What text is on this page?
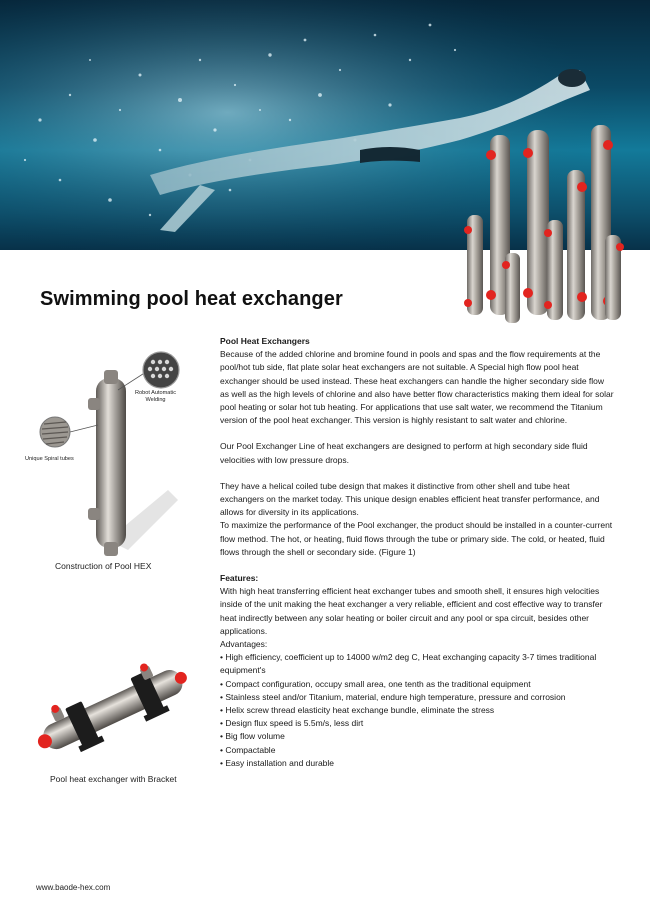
Swimming pool heat exchanger
Robot Automatic Welding
Unique Spiral tubes
Construction of Pool HEX
Pool heat exchanger with Bracket

Pool Heat Exchangers

Because of the added chlorine and bromine found in pools and spas and the flow requirements at the pool/hot tub side, flat plate solar heat exchangers are not suitable. A Special high flow pool heat exchanger should be used instead. These heat exchangers can handle the higher secondary side flow as well as the high levels of chlorine and also have better flow characteristics making them ideal for solar pool heating or solar hot tub heating. For applications that use salt water, we recommend the Titanium version of the pool heat exchanger. This version is highly resistant to salt water and chlorine.

Our Pool Exchanger Line of heat exchangers are designed to perform at high secondary side fluid velocities with low pressure drops.

They have a helical coiled tube design that makes it distinctive from other shell and tube heat exchangers on the market today. This unique design enables efficient heat transfer performance, and allows for diversity in its applications.

To maximize the performance of the Pool exchanger, the product should be installed in a counter-current flow method. The hot, or heating, fluid flows through the tube or primary side. The cold, or heated, fluid flows through the shell or secondary side. (Figure 1)

Features:

With high heat transferring efficient heat exchanger tubes and smooth shell, it ensures high velocities inside of the unit making the heat exchanger a very reliable, efficient and cost effective way to transfer heat indirectly between any solar heating or boiler circuit and any pool or spa circuit, besides other applications.

Advantages:

• High efficiency, coefficient up to 14000 w/m2 deg C, Heat exchanging capacity 3-7 times traditional equipment's

• Compact configuration, occupy small area, one tenth as the traditional equipment

• Stainless steel and/or Titanium, material, endure high temperature, pressure and corrosion

• Helix screw thread elasticity heat exchange bundle, eliminate the stress

• Design flux speed is 5.5m/s, less dirt

• Big flow volume

• Compactable

• Easy installation and durable

www.baode-hex.com
